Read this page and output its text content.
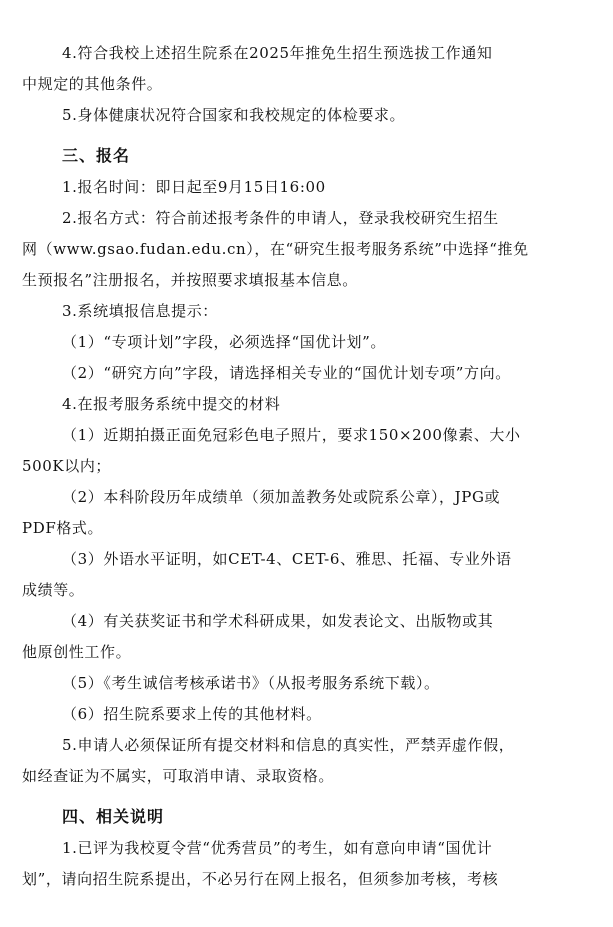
4.符合我校上述招生院系在2025年推免生招生预选拔工作通知
中规定的其他条件。
5.身体健康状况符合国家和我校规定的体检要求。
三、报名
1.报名时间：即日起至9月15日16:00
2.报名方式：符合前述报考条件的申请人，登录我校研究生招生
网（www.gsao.fudan.edu.cn），在“研究生报考服务系统”中选择“推免
生预报名”注册报名，并按照要求填报基本信息。
3.系统填报信息提示：
（1）“专项计划”字段，必须选择“国优计划”。
（2）“研究方向”字段，请选择相关专业的“国优计划专项”方向。
4.在报考服务系统中提交的材料
（1）近期拍摄正面免冠彩色电子照片，要求150×200像素、大小
500K以内；
（2）本科阶段历年成绩单（须加盖教务处或院系公章），JPG或
PDF格式。
（3）外语水平证明，如CET-4、CET-6、雅思、托福、专业外语
成绩等。
（4）有关获奖证书和学术科研成果，如发表论文、出版物或其
他原创性工作。
（5）《考生诚信考核承诺书》（从报考服务系统下载）。
（6）招生院系要求上传的其他材料。
5.申请人必须保证所有提交材料和信息的真实性，严禁弄虚作假，
如经查证为不属实，可取消申请、录取资格。
四、相关说明
1.已评为我校夏令营“优秀营员”的考生，如有意向申请“国优计
划”，请向招生院系提出，不必另行在网上报名，但须参加考核，考核
